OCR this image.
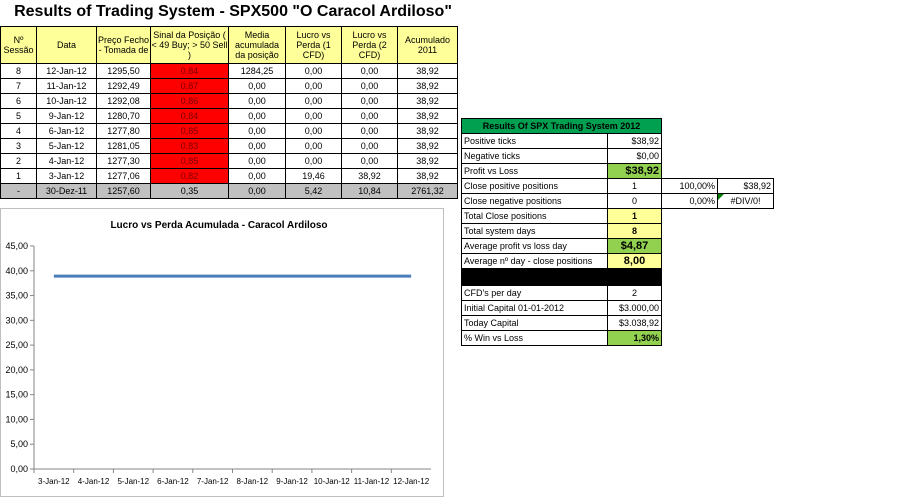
Results of Trading System - SPX500 "O Caracol Ardiloso"
Nº Sessão	Data	Preço Fecho - Tomada de	Sinal da Posição ( < 49 Buy; > 50 Sell )	Media acumulada da posição	Lucro vs Perda (1 CFD)	Lucro vs Perda (2 CFD)	Acumulado 2011
8	12-Jan-12	1295,50	0,84	1284,25	0,00	0,00	38,92
7	11-Jan-12	1292,49	0,87	0,00	0,00	0,00	38,92
6	10-Jan-12	1292,08	0,86	0,00	0,00	0,00	38,92
5	9-Jan-12	1280,70	0,84	0,00	0,00	0,00	38,92
4	6-Jan-12	1277,80	0,85	0,00	0,00	0,00	38,92
3	5-Jan-12	1281,05	0,83	0,00	0,00	0,00	38,92
2	4-Jan-12	1277,30	0,85	0,00	0,00	0,00	38,92
1	3-Jan-12	1277,06	0,82	0,00	19,46	38,92	38,92
-	30-Dez-11	1257,60	0,35	0,00	5,42	10,84	2761,32
Results Of SPX Trading System 2012			
Positive ticks	$38,92		
Negative ticks	$0,00		
Profit vs Loss	$38,92		
Close positive positions	1	100,00%	$38,92
Close negative positions	0	0,00%	#DIV/0!
Total Close positions	1		
Total system days	8		
Average profit vs loss day	$4,87		
Average nº day - close positions	8,00		

CFD's per day	2		
Initial Capital 01-01-2012	$3.000,00		
Today Capital	$3.038,92		
% Win vs Loss	1,30%		
Lucro vs Perda Acumulada - Caracol Ardiloso
0,00
5,00
10,00
15,00
20,00
25,00
30,00
35,00
40,00
45,00
3-Jan-12 4-Jan-12 5-Jan-12 6-Jan-12 7-Jan-12 8-Jan-12 9-Jan-12 10-Jan-12 11-Jan-12 12-Jan-12
